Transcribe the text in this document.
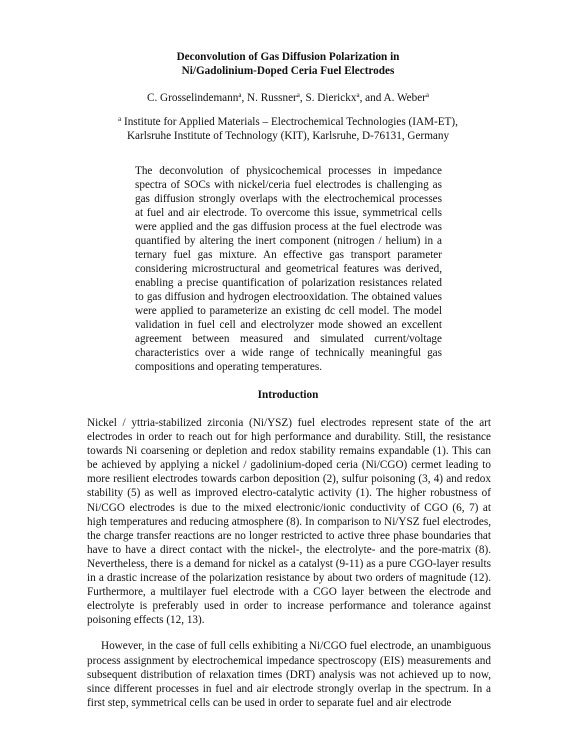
Deconvolution of Gas Diffusion Polarization in
Ni/Gadolinium-Doped Ceria Fuel Electrodes
C. Grosselindemann$^a$, N. Russner$^a$, S. Dierickx$^a$, and A. Weber$^a$
$^a$ Institute for Applied Materials – Electrochemical Technologies (IAM-ET),
Karlsruhe Institute of Technology (KIT), Karlsruhe, D-76131, Germany

The deconvolution of physicochemical processes in impedance spectra of SOCs with nickel/ceria fuel electrodes is challenging as gas diffusion strongly overlaps with the electrochemical processes at fuel and air electrode. To overcome this issue, symmetrical cells were applied and the gas diffusion process at the fuel electrode was quantified by altering the inert component (nitrogen / helium) in a ternary fuel gas mixture. An effective gas transport parameter considering microstructural and geometrical features was derived, enabling a precise quantification of polarization resistances related to gas diffusion and hydrogen electrooxidation. The obtained values were applied to parameterize an existing dc cell model. The model validation in fuel cell and electrolyzer mode showed an excellent agreement between measured and simulated current/voltage characteristics over a wide range of technically meaningful gas compositions and operating temperatures.

Introduction

Nickel / yttria-stabilized zirconia (Ni/YSZ) fuel electrodes represent state of the art electrodes in order to reach out for high performance and durability. Still, the resistance towards Ni coarsening or depletion and redox stability remains expandable (1). This can be achieved by applying a nickel / gadolinium-doped ceria (Ni/CGO) cermet leading to more resilient electrodes towards carbon deposition (2), sulfur poisoning (3, 4) and redox stability (5) as well as improved electro-catalytic activity (1). The higher robustness of Ni/CGO electrodes is due to the mixed electronic/ionic conductivity of CGO (6, 7) at high temperatures and reducing atmosphere (8). In comparison to Ni/YSZ fuel electrodes, the charge transfer reactions are no longer restricted to active three phase boundaries that have to have a direct contact with the nickel-, the electrolyte- and the pore-matrix (8). Nevertheless, there is a demand for nickel as a catalyst (9-11) as a pure CGO-layer results in a drastic increase of the polarization resistance by about two orders of magnitude (12). Furthermore, a multilayer fuel electrode with a CGO layer between the electrode and electrolyte is preferably used in order to increase performance and tolerance against poisoning effects (12, 13).

However, in the case of full cells exhibiting a Ni/CGO fuel electrode, an unambiguous process assignment by electrochemical impedance spectroscopy (EIS) measurements and subsequent distribution of relaxation times (DRT) analysis was not achieved up to now, since different processes in fuel and air electrode strongly overlap in the spectrum. In a first step, symmetrical cells can be used in order to separate fuel and air electrode
